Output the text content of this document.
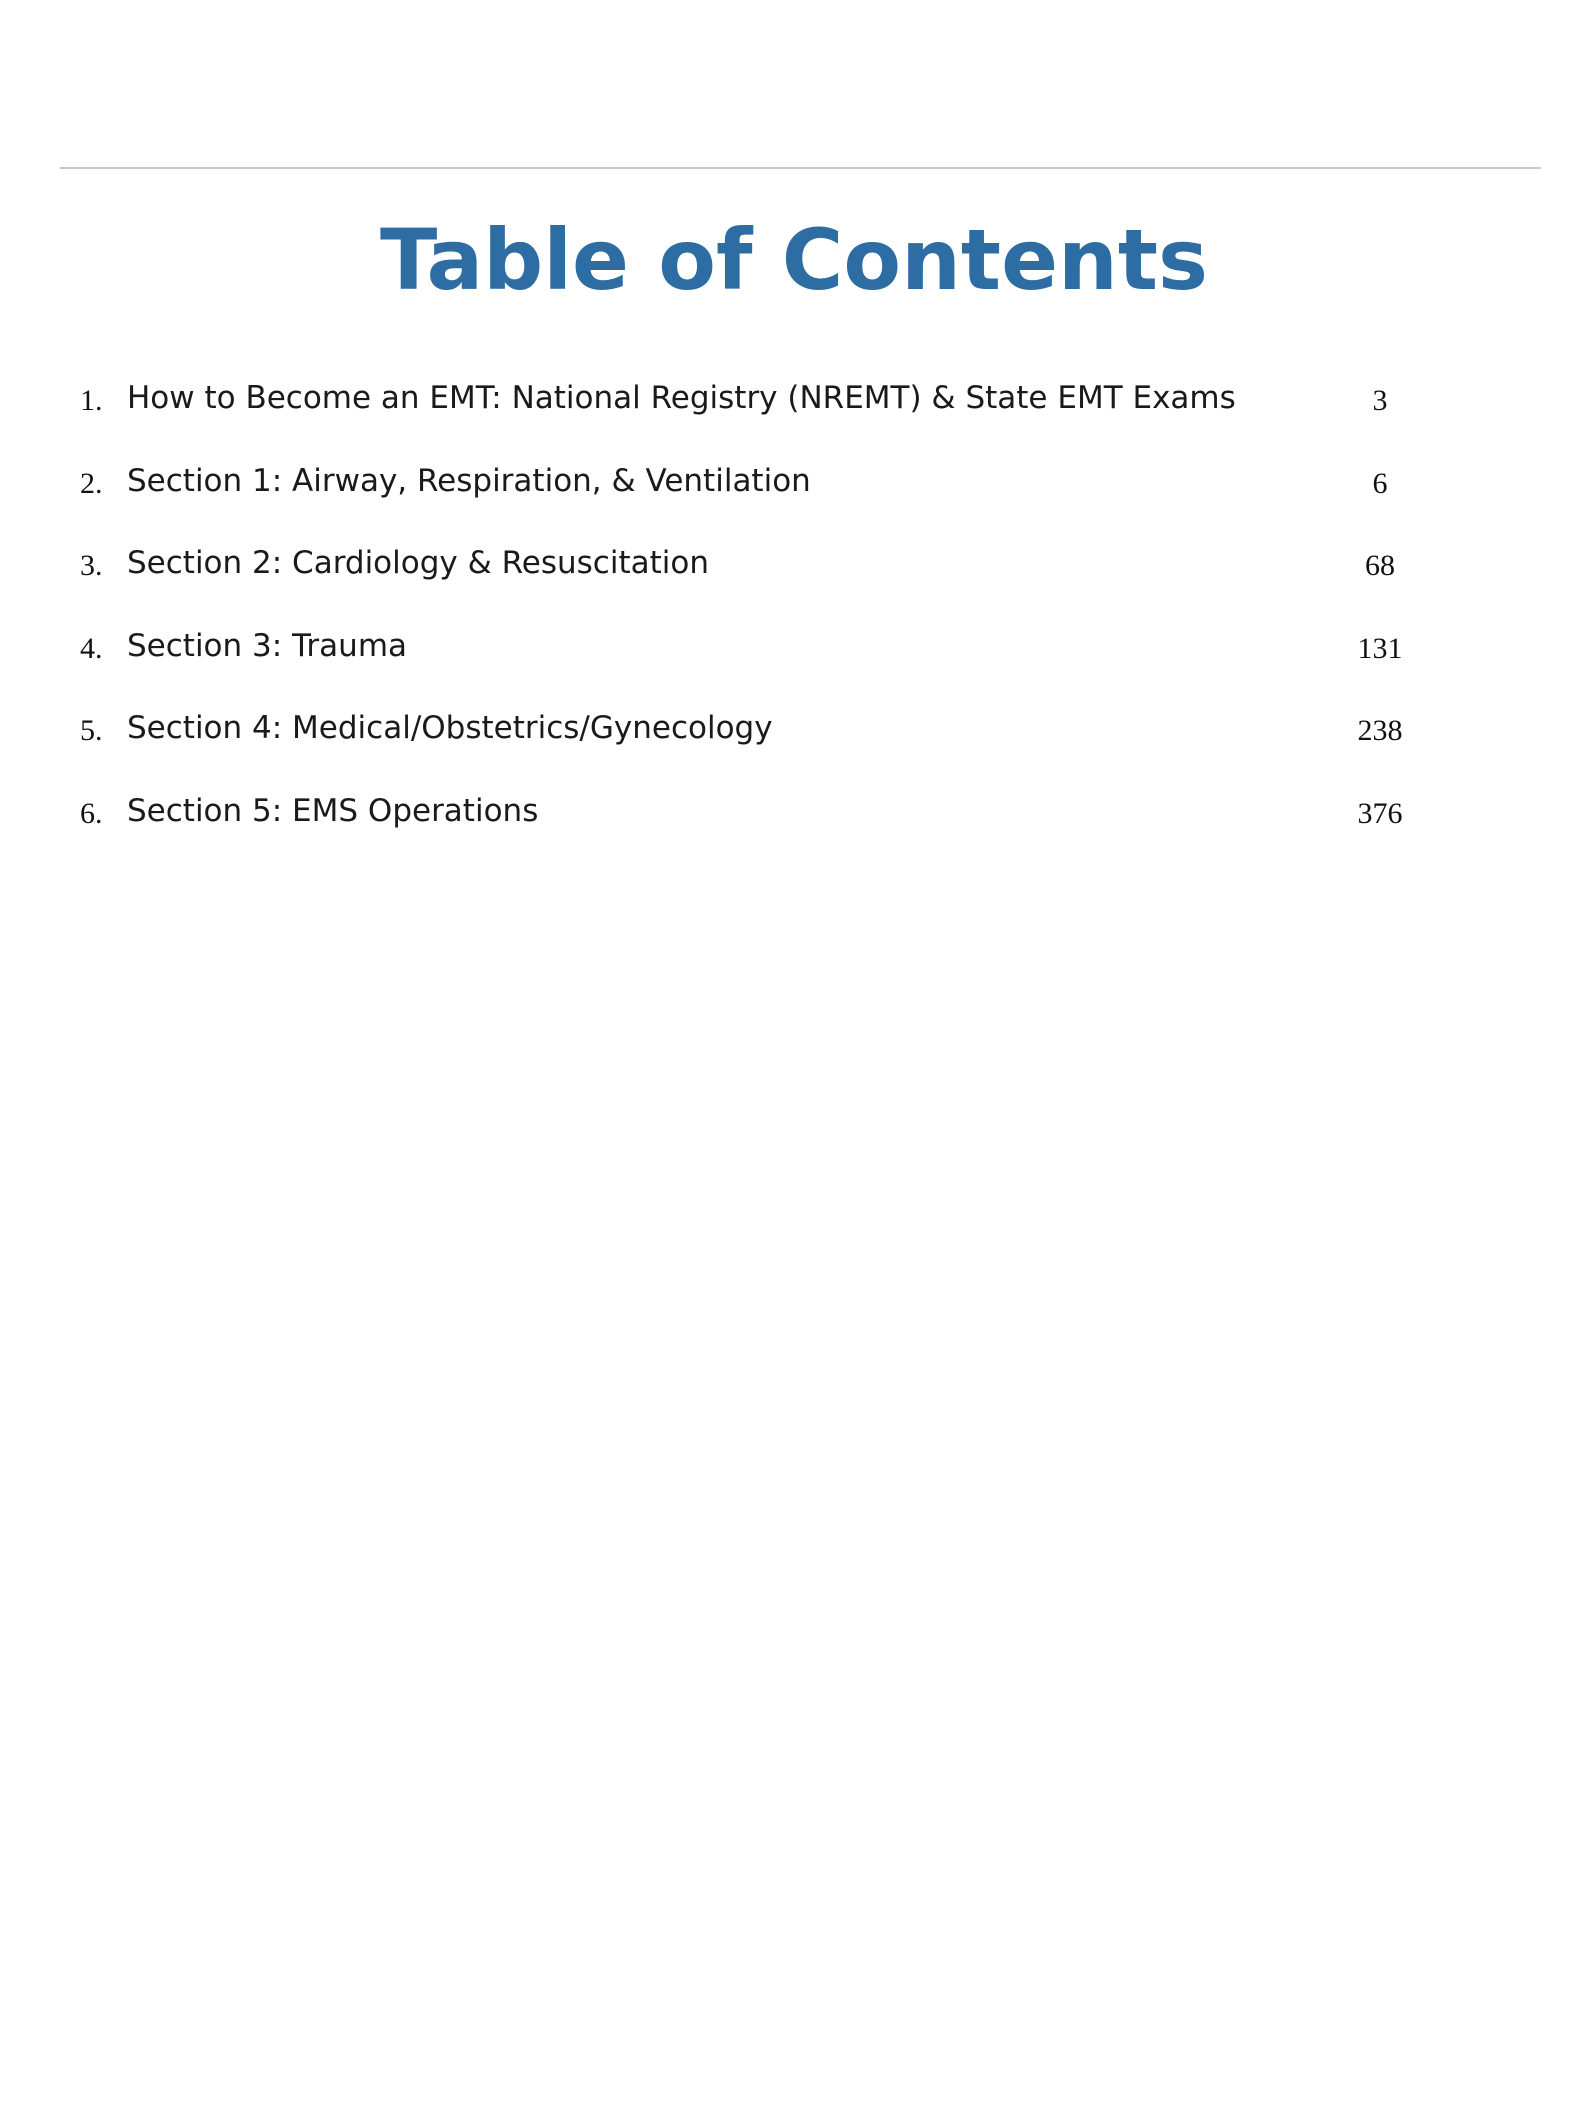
Table of Contents
1. How to Become an EMT: National Registry (NREMT) & State EMT Exams	3
2. Section 1: Airway, Respiration, & Ventilation	6
3. Section 2: Cardiology & Resuscitation	68
4. Section 3: Trauma	131
5. Section 4: Medical/Obstetrics/Gynecology	238
6. Section 5: EMS Operations	376
